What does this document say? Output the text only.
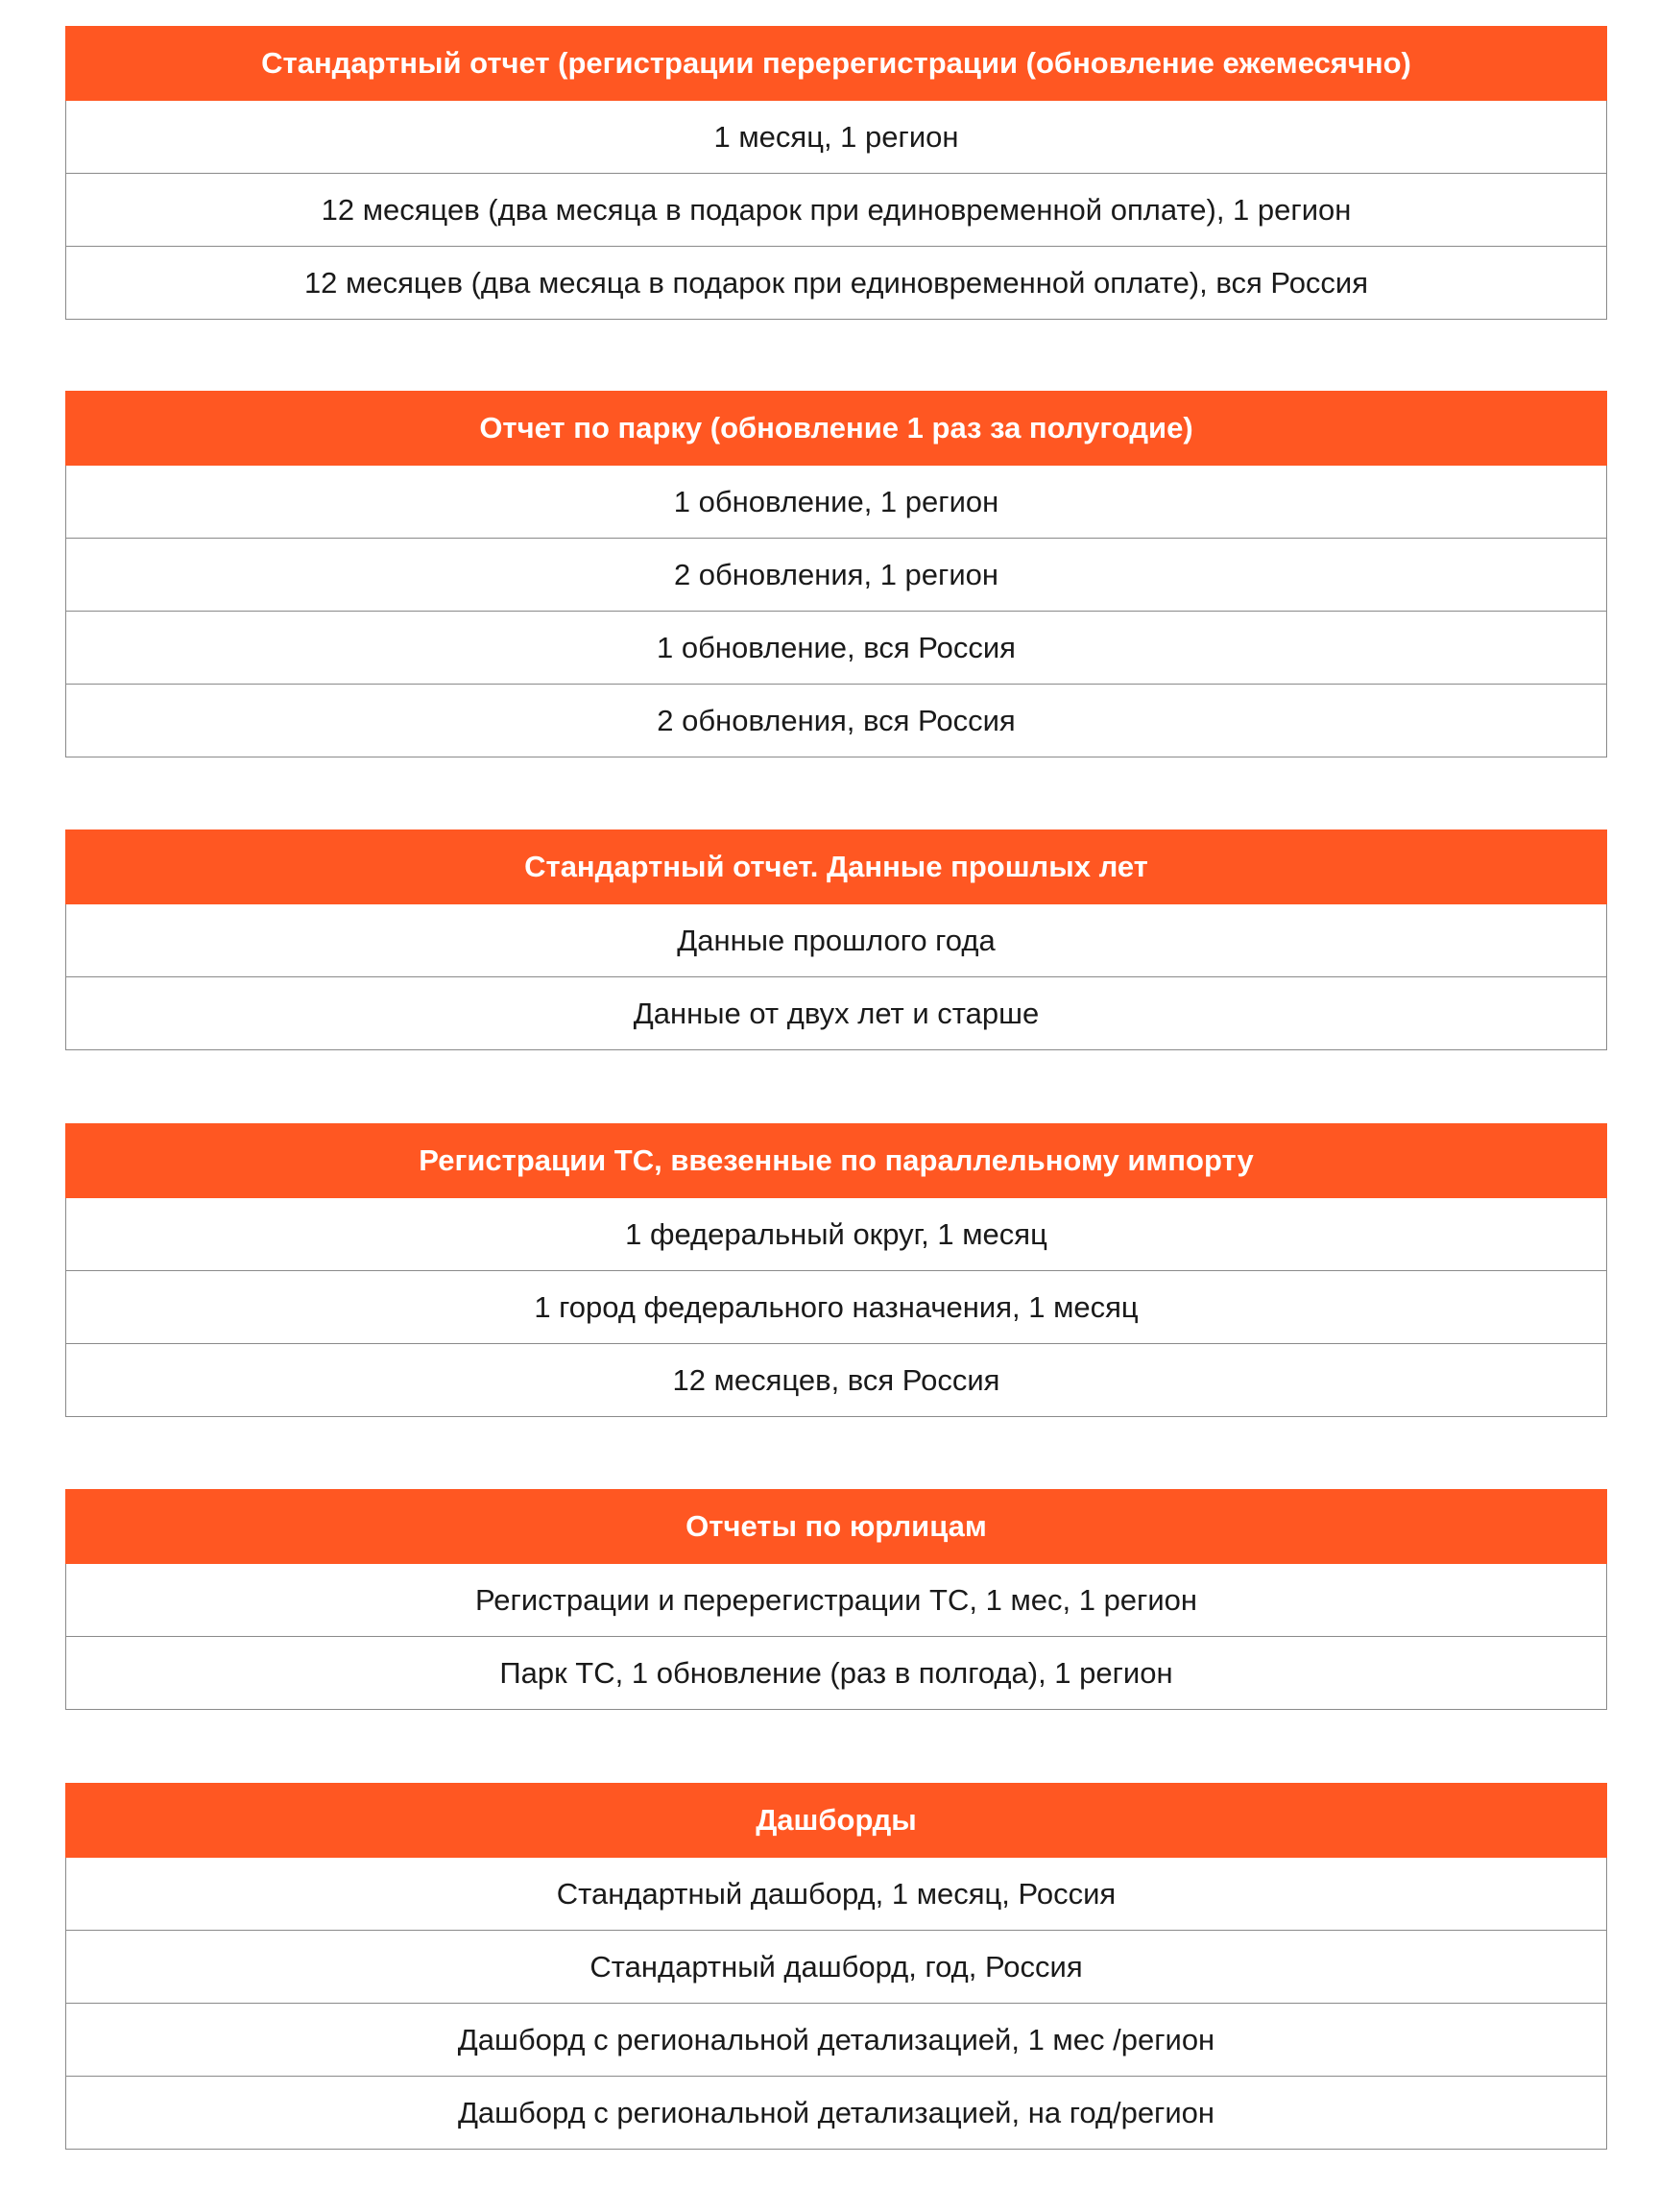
Стандартный отчет (регистрации перерегистрации (обновление ежемесячно)
1 месяц, 1 регион
12 месяцев (два месяца в подарок при единовременной оплате), 1 регион
12 месяцев (два месяца в подарок при единовременной оплате), вся Россия
Отчет по парку (обновление 1 раз за полугодие)
1 обновление, 1 регион
2 обновления, 1 регион
1 обновление, вся Россия
2 обновления, вся Россия
Стандартный отчет. Данные прошлых лет
Данные прошлого года
Данные от двух лет и старше
Регистрации ТС, ввезенные по параллельному импорту
1 федеральный округ, 1 месяц
1 город федерального назначения, 1 месяц
12 месяцев, вся Россия
Отчеты по юрлицам
Регистрации и перерегистрации ТС, 1 мес, 1 регион
Парк ТС, 1 обновление (раз в полгода), 1 регион
Дашборды
Стандартный дашборд, 1 месяц, Россия
Стандартный дашборд, год, Россия
Дашборд с региональной детализацией, 1 мес /регион
Дашборд с региональной детализацией, на год/регион
